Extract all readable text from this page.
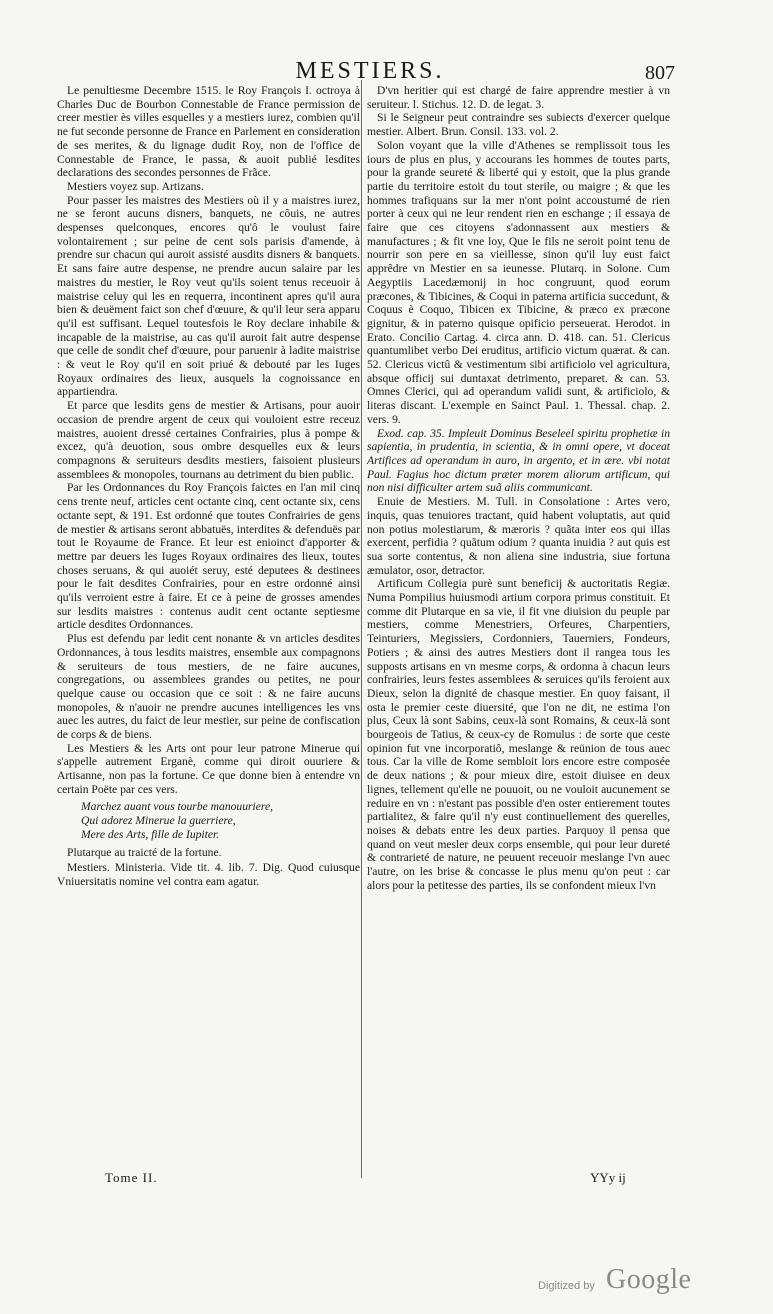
MESTIERS.	807

Le penultiesme Decembre 1515. le Roy François I. octroya à Charles Duc de Bourbon Connestable de France permission de creer mestier ès villes esquelles y a mestiers iurez, combien qu'il ne fut seconde personne de France en Parlement en consideration de ses merites, & du lignage dudit Roy, non de l'office de Connestable de France, le passa, & auoit publié lesdites declarations des secondes personnes de Frãce.

Mestiers voyez sup. Artizans.

Pour passer les maistres des Mestiers où il y a maistres iurez, ne se feront aucuns disners, banquets, ne côuis, ne autres despenses quelconques, encores qu'ô le voulust faire volontairement ; sur peine de cent sols parisis d'amende, à prendre sur chacun qui auroit assisté ausdits disners & banquets. Et sans faire autre despense, ne prendre aucun salaire par les maistres du mestier, le Roy veut qu'ils soient tenus receuoir à maistrise celuy qui les en requerra, incontinent apres qu'il aura bien & deuëment faict son chef d'œuure, & qu'il leur sera apparu qu'il est suffisant. Lequel toutesfois le Roy declare inhabile & incapable de la maistrise, au cas qu'il auroit fait autre despense que celle de sondit chef d'œuure, pour paruenir à ladite maistrise : & veut le Roy qu'il en soit priué & debouté par les Iuges Royaux ordinaires des lieux, ausquels la cognoissance en appartiendra.

Et parce que lesdits gens de mestier & Artisans, pour auoir occasion de prendre argent de ceux qui vouloient estre receuz maistres, auoient dressé certaines Confrairies, plus à pompe & excez, qu'à deuotion, sous ombre desquelles eux & leurs compagnons & seruiteurs desdits mestiers, faisoient plusieurs assemblees & monopoles, tournans au detriment du bien public.

Par les Ordonnances du Roy François faictes en l'an mil cinq cens trente neuf, articles cent octante cinq, cent octante six, cens octante sept, & 191. Est ordonné que toutes Confrairies de gens de mestier & artisans seront abbatuës, interdites & defenduës par tout le Royaume de France. Et leur est enioinct d'apporter & mettre par deuers les Iuges Royaux ordinaires des lieux, toutes choses seruans, & qui auoiét seruy, esté deputees & destinees pour le fait desdites Confrairies, pour en estre ordonné ainsi qu'ils verroient estre à faire. Et ce à peine de grosses amendes sur lesdits maistres : contenus audit cent octante septiesme article desdites Ordonnances.

Plus est defendu par ledit cent nonante & vn articles desdites Ordonnances, à tous lesdits maistres, ensemble aux compagnons & seruiteurs de tous mestiers, de ne faire aucunes, congregations, ou assemblees grandes ou petites, ne pour quelque cause ou occasion que ce soit : & ne faire aucuns monopoles, & n'auoir ne prendre aucunes intelligences les vns auec les autres, du faict de leur mestier, sur peine de confiscation de corps & de biens.

Les Mestiers & les Arts ont pour leur patrone Minerue qui s'appelle autrement Erganè, comme qui diroit ouuriere & Artisanne, non pas la fortune. Ce que donne bien à entendre vn certain Poëte par ces vers.

Marchez auant vous tourbe manouuriere,
Qui adorez Minerue la guerriere,
Mere des Arts, fille de Iupiter.

Plutarque au traicté de la fortune.

Mestiers. Ministeria. Vide tit. 4. lib. 7. Dig. Quod cuiusque Vniuersitatis nomine vel contra eam agatur.

D'vn heritier qui est chargé de faire apprendre mestier à vn seruiteur. l. Stichus. 12. D. de legat. 3.

Si le Seigneur peut contraindre ses subiects d'exercer quelque mestier. Albert. Brun. Consil. 133. vol. 2.

Solon voyant que la ville d'Athenes se remplissoit tous les iours de plus en plus, y accourans les hommes de toutes parts, pour la grande seureté & liberté qui y estoit, que la plus grande partie du territoire estoit du tout sterile, ou maigre ; & que les hommes trafiquans sur la mer n'ont point accoustumé de rien porter à ceux qui ne leur rendent rien en eschange ; il essaya de faire que ces citoyens s'adonnassent aux mestiers & manufactures ; & fit vne loy, Que le fils ne seroit point tenu de nourrir son pere en sa vieillesse, sinon qu'il luy eust faict apprêdre vn Mestier en sa ieunesse. Plutarq. in Solone. Cum Aegyptiis Lacedæmonij in hoc congruunt, quod eorum præcones, & Tibicines, & Coqui in paterna artificia succedunt, & Coquus è Coquo, Tibicen ex Tibicine, & præco ex præcone gignitur, & in paterno quisque opificio perseuerat. Herodot. in Erato. Concilio Cartag. 4. circa ann. D. 418. can. 51. Clericus quantumlibet verbo Dei eruditus, artificio victum quærat. & can. 52. Clericus victû & vestimentum sibi artificiolo vel agricultura, absque officij sui duntaxat detrimento, preparet. & can. 53. Omnes Clerici, qui ad operandum validi sunt, & artificiolo, & literas discant. L'exemple en Sainct Paul. 1. Thessal. chap. 2. vers. 9.

Exod. cap. 35. Impleuit Dominus Beseleel spiritu prophetiæ in sapientia, in prudentia, in scientia, & in omni opere, vt doceat Artifices ad operandum in auro, in argento, et in ære. vbi notat Paul. Fagius hoc dictum præter morem aliorum artificum, qui non nisi difficulter artem suã aliis communicant.

Enuie de Mestiers. M. Tull. in Consolatione : Artes vero, inquis, quas tenuiores tractant, quid habent voluptatis, aut quid non potius molestiarum, & mæroris ? quãta inter eos qui illas exercent, perfidia ? quãtum odium ? quanta inuidia ? aut quis est sua sorte contentus, & non aliena sine industria, siue fortuna æmulator, osor, detractor.

Artificum Collegia purè sunt beneficij & auctoritatis Regiæ. Numa Pompilius huiusmodi artium corpora primus constituit. Et comme dit Plutarque en sa vie, il fit vne diuision du peuple par mestiers, comme Menestriers, Orfeures, Charpentiers, Teinturiers, Megissiers, Cordonniers, Tauerniers, Fondeurs, Potiers ; & ainsi des autres Mestiers dont il rangea tous les supposts artisans en vn mesme corps, & ordonna à chacun leurs confrairies, leurs festes assemblees & seruices qu'ils feroient aux Dieux, selon la dignité de chasque mestier. En quoy faisant, il osta le premier ceste diuersité, que l'on ne dit, ne estima l'on plus, Ceux là sont Sabins, ceux-là sont Romains, & ceux-là sont bourgeois de Tatius, & ceux-cy de Romulus : de sorte que ceste opinion fut vne incorporatiô, meslange & reünion de tous auec tous. Car la ville de Rome sembloit lors encore estre composée de deux nations ; & pour mieux dire, estoit diuisee en deux lignes, tellement qu'elle ne pouuoit, ou ne vouloit aucunement se reduire en vn : n'estant pas possible d'en oster entierement toutes partialitez, & faire qu'il n'y eust continuellement des querelles, noises & debats entre les deux parties. Parquoy il pensa que quand on veut mesler deux corps ensemble, qui pour leur dureté & contrarieté de nature, ne peuuent receuoir meslange l'vn auec l'autre, on les brise & concasse le plus menu qu'on peut : car alors pour la petitesse des parties, ils se confondent mieux l'vn

Tome II.	YYy ij
Digitized by Google
